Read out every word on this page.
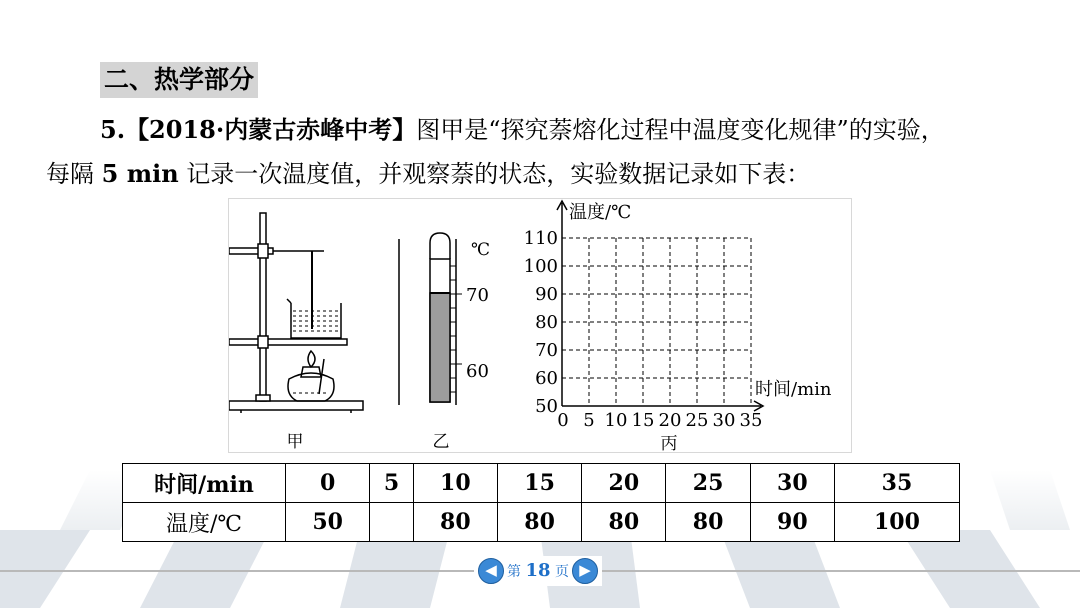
二、热学部分
5.【2018·内蒙古赤峰中考】图甲是“探究萘熔化过程中温度变化规律”的实验，
每隔 5 min 记录一次温度值，并观察萘的状态，实验数据记录如下表：
甲
℃
70
60
乙
温度/℃
时间/min
110
100
90
80
70
60
50
0 5 10 15 20 25 30 35
丙
时间/min	0	5	10	15	20	25	30	35
温度/℃	50		80	80	80	80	90	100
◀ 第 18 页 ▶
